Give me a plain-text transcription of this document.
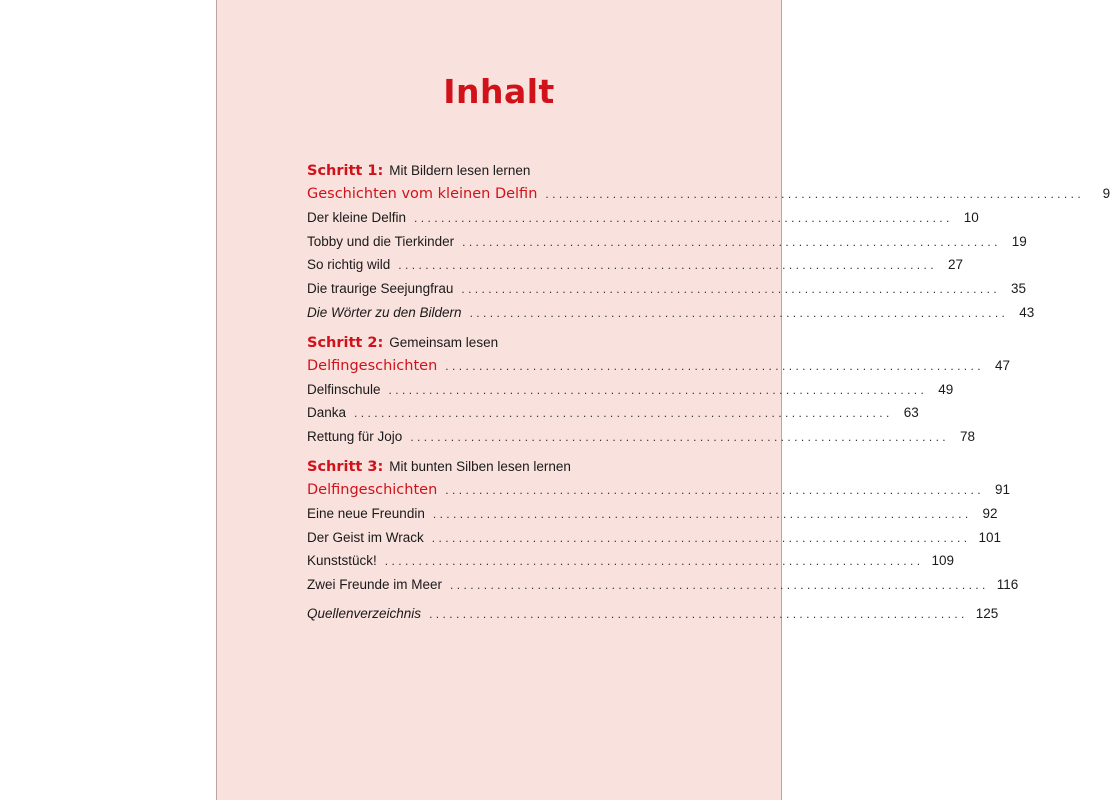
Inhalt
Schritt 1: Mit Bildern lesen lernen
Geschichten vom kleinen Delfin ................................................................................	9
Der kleine Delfin ................................................................................ 10
Tobby und die Tierkinder ................................................................................ 19
So richtig wild ................................................................................ 27
Die traurige Seejungfrau ................................................................................ 35
Die Wörter zu den Bildern ................................................................................ 43
Schritt 2: Gemeinsam lesen
Delfingeschichten ................................................................................ 47
Delfinschule ................................................................................ 49
Danka ................................................................................ 63
Rettung für Jojo ................................................................................ 78
Schritt 3: Mit bunten Silben lesen lernen
Delfingeschichten ................................................................................ 91
Eine neue Freundin ................................................................................ 92
Der Geist im Wrack ................................................................................ 101
Kunststück! ................................................................................ 109
Zwei Freunde im Meer ................................................................................ 116
Quellenverzeichnis ................................................................................ 125
